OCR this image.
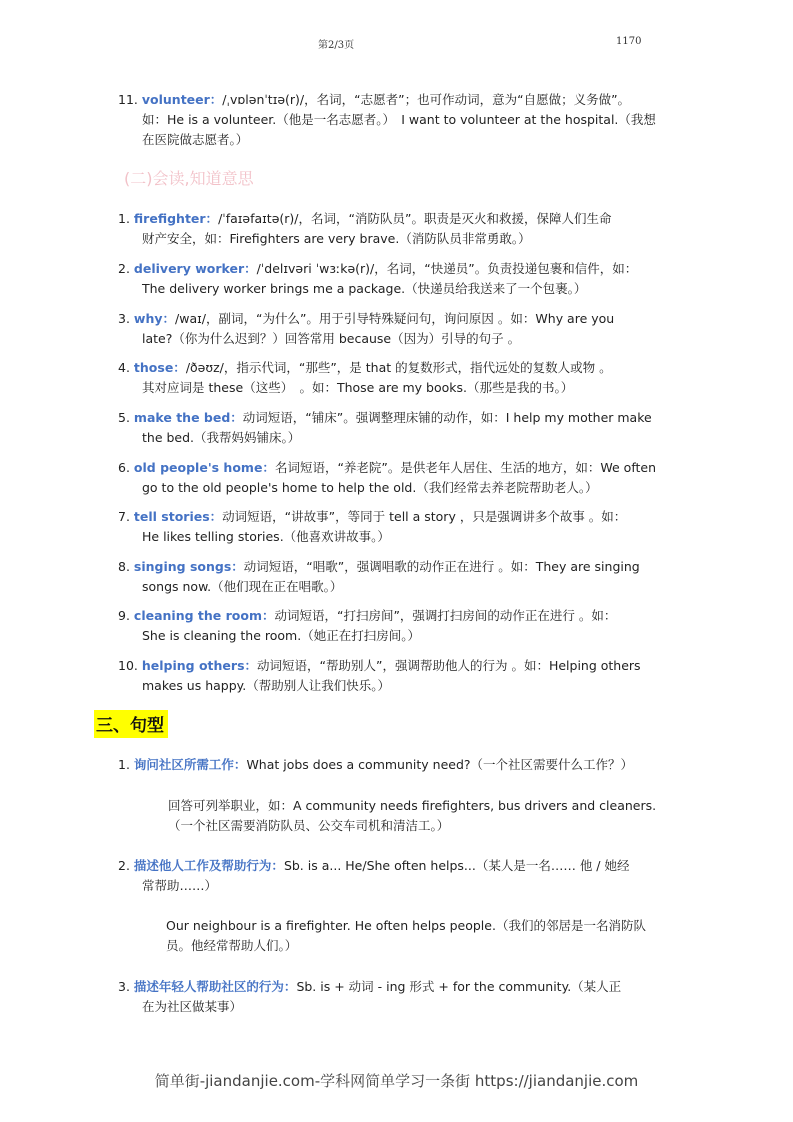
第2/3页	1170
11. volunteer：/ˌvɒlənˈtɪə(r)/，名词，“志愿者”；也可作动词，意为“自愿做；义务做”。
如：He is a volunteer.（他是一名志愿者。）　I want to volunteer at the hospital.（我想
在医院做志愿者。）
(二)会读,知道意思
1. firefighter：/ˈfaɪəfaɪtə(r)/，名词，“消防队员”。职责是灭火和救援，保障人们生命
财产安全，如：Firefighters are very brave.（消防队员非常勇敢。）
2. delivery worker：/ˈdelɪvəri ˈwɜːkə(r)/，名词，“快递员”。负责投递包裹和信件，如：
The delivery worker brings me a package.（快递员给我送来了一个包裹。）
3. why：/waɪ/，副词，“为什么”。用于引导特殊疑问句，询问原因 。如：Why are you
late?（你为什么迟到？）回答常用 because（因为）引导的句子 。
4. those：/ðəʊz/，指示代词，“那些”，是 that 的复数形式，指代远处的复数人或物 。
其对应词是 these（这些）　。如：Those are my books.（那些是我的书。）
5. make the bed：动词短语，“铺床”。强调整理床铺的动作，如：I help my mother make
the bed.（我帮妈妈铺床。）
6. old people's home：名词短语，“养老院”。是供老年人居住、生活的地方，如：We often
go to the old people's home to help the old.（我们经常去养老院帮助老人。）
7. tell stories：动词短语，“讲故事”，等同于 tell a story ，只是强调讲多个故事 。如：
He likes telling stories.（他喜欢讲故事。）
8. singing songs：动词短语，“唱歌”，强调唱歌的动作正在进行 。如：They are singing
songs now.（他们现在正在唱歌。）
9. cleaning the room：动词短语，“打扫房间”，强调打扫房间的动作正在进行 。如：
She is cleaning the room.（她正在打扫房间。）
10. helping others：动词短语，“帮助别人”，强调帮助他人的行为 。如：Helping others
makes us happy.（帮助别人让我们快乐。）
三、句型
1. 询问社区所需工作：What jobs does a community need?（一个社区需要什么工作？）
回答可列举职业，如：A community needs firefighters, bus drivers and cleaners.
（一个社区需要消防队员、公交车司机和清洁工。）
2. 描述他人工作及帮助行为：Sb. is a... He/She often helps...（某人是一名…… 他 / 她经
常帮助……）
Our neighbour is a firefighter. He often helps people.（我们的邻居是一名消防队
员。他经常帮助人们。）
3. 描述年轻人帮助社区的行为：Sb. is + 动词 - ing 形式 + for the community.（某人正
在为社区做某事）
简单街-jiandanjie.com-学科网简单学习一条街 https://jiandanjie.com
